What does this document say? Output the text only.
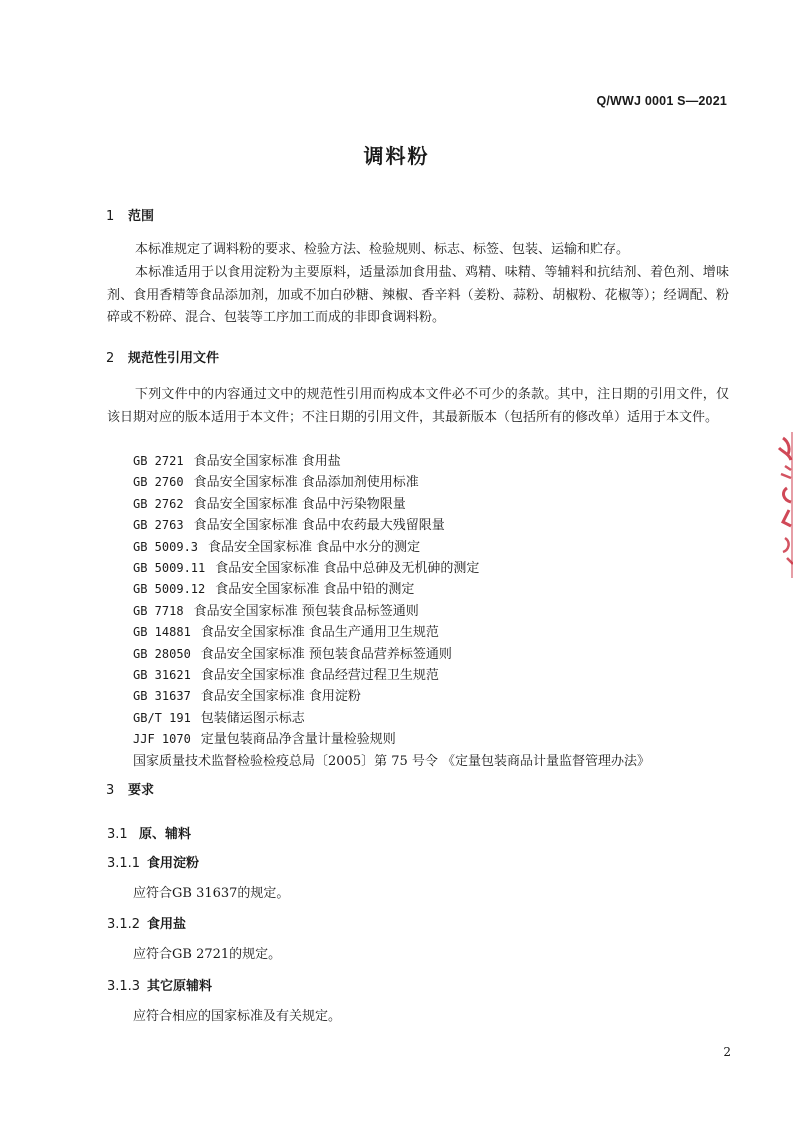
Q/WWJ 0001 S—2021
调料粉
1 范围
本标准规定了调料粉的要求、检验方法、检验规则、标志、标签、包装、运输和贮存。
本标准适用于以食用淀粉为主要原料，适量添加食用盐、鸡精、味精、等辅料和抗结剂、着色剂、增味剂、食用香精等食品添加剂，加或不加白砂糖、辣椒、香辛料（姜粉、蒜粉、胡椒粉、花椒等）；经调配、粉碎或不粉碎、混合、包装等工序加工而成的非即食调料粉。
2 规范性引用文件
下列文件中的内容通过文中的规范性引用而构成本文件必不可少的条款。其中，注日期的引用文件，仅该日期对应的版本适用于本文件；不注日期的引用文件，其最新版本（包括所有的修改单）适用于本文件。
GB 2721 食品安全国家标准 食用盐
GB 2760 食品安全国家标准 食品添加剂使用标准
GB 2762 食品安全国家标准 食品中污染物限量
GB 2763 食品安全国家标准 食品中农药最大残留限量
GB 5009.3 食品安全国家标准 食品中水分的测定
GB 5009.11 食品安全国家标准 食品中总砷及无机砷的测定
GB 5009.12 食品安全国家标准 食品中铅的测定
GB 7718 食品安全国家标准 预包装食品标签通则
GB 14881 食品安全国家标准 食品生产通用卫生规范
GB 28050 食品安全国家标准 预包装食品营养标签通则
GB 31621 食品安全国家标准 食品经营过程卫生规范
GB 31637 食品安全国家标准 食用淀粉
GB/T 191 包装储运图示标志
JJF 1070 定量包装商品净含量计量检验规则
国家质量技术监督检验检疫总局〔2005〕第 75 号令 《定量包装商品计量监督管理办法》
3 要求
3.1 原、辅料
3.1.1 食用淀粉
应符合GB 31637的规定。
3.1.2 食用盐
应符合GB 2721的规定。
3.1.3 其它原辅料
应符合相应的国家标准及有关规定。
2
